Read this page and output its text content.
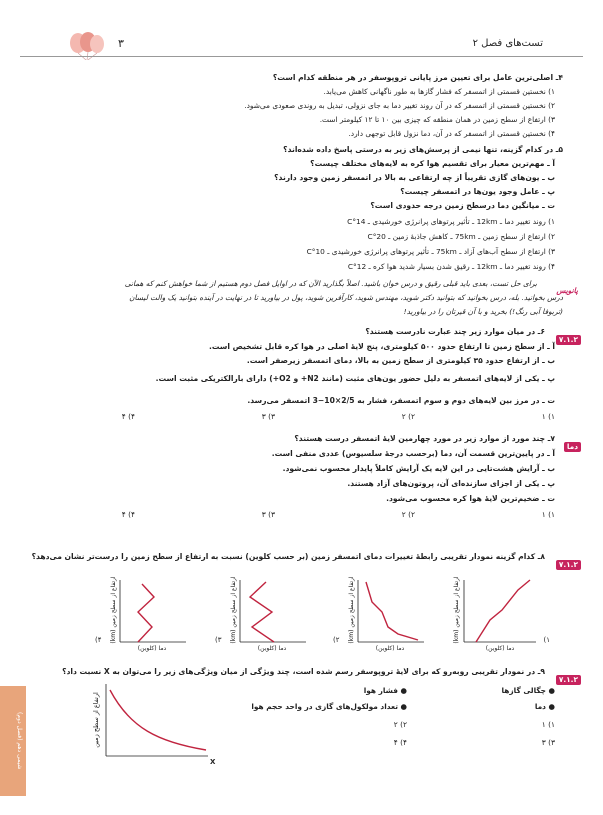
۳	تست‌های فصل ۲
۴ـ اصلی‌ترین عامل برای تعیین مرز پایانی تروپوسفر در هر منطقه کدام است؟
۱) نخستین قسمتی از اتمسفر که فشار گازها به طور ناگهانی کاهش می‌یابد.
۲) نخستین قسمتی از اتمسفر که در آن روند تغییر دما به جای نزولی، تبدیل به روندی صعودی می‌شود.
۳) ارتفاع از سطح زمین در همان منطقه که چیزی بین ۱۰ تا ۱۲ کیلومتر است.
۴) نخستین قسمتی از اتمسفر که در آن، دما نزول قابل توجهی دارد.
۵ـ در کدام گزینه، تنها نیمی از پرسش‌های زیر به درستی پاسخ داده شده‌اند؟
آ ـ مهم‌ترین معیار برای تقسیم هوا کره به لایه‌های مختلف چیست؟
ب ـ یون‌های گازی تقریباً از چه ارتفاعی به بالا در اتمسفر زمین وجود دارند؟
پ ـ عامل وجود یون‌ها در اتمسفر چیست؟
ت ـ میانگین دما درسطح زمین درجه حدودی است؟
۱) روند تغییر دما ـ 12km ـ تأثیر پرتوهای پرانرژی خورشیدی ـ 14°C
۲) ارتفاع از سطح زمین ـ 75km ـ کاهش جاذبهٔ زمین ـ 20°C
۳) ارتفاع از سطح آب‌های آزاد ـ 75km ـ تأثیر پرتوهای پرانرژی خورشیدی ـ 10°C
۴) روند تغییر دما ـ 12km ـ رقیق شدن بسیار شدید هوا کره ـ 12°C
پانویس
برای حل تست، بعدی باید قبلی رقیق و درس خوان باشید. اصلاً بگذارید الآن که در اوایل فصل دوم هستیم از شما خواهش کنم که همانی
درس بخوانید. بله، درس بخوانید که بتوانید دکتر شوید، مهندس شوید، کارآفرین شوید، پول در بیاورید تا در نهایت در آینده بتوانید یک والت لیسان
(تربوفا آبی رنگ!) بخرید و با آن قیرتان را در بیاورید!
۷.۱.۲
۶ـ در میان موارد زیر چند عبارت نادرست هستند؟
آ ـ از سطح زمین تا ارتفاع حدود ۵۰۰ کیلومتری، پنج لایهٔ اصلی در هوا کره قابل تشخیص است.
ب ـ از ارتفاع حدود ۳۵ کیلومتری از سطح زمین به بالا، دمای اتمسفر زیرصفر است.
پ ـ یکی از لایه‌های اتمسفر به دلیل حضور یون‌های مثبت (مانند N2+ و O2+) دارای بارالکتریکی مثبت است.
ت ـ در مرز بین لایه‌های دوم و سوم اتمسفر، فشار به 2/5×10−3 اتمسفر می‌رسد.
۱) ۱
۲) ۲
۳) ۳
۴) ۴
دما
۷ـ چند مورد از موارد زیر در مورد چهارمین لایهٔ اتمسفر درست هستند؟
آ ـ در پایین‌ترین قسمت آن، دما (برحسب درجهٔ سلسیوس) عددی منفی است.
ب ـ آرایش هشت‌تایی در این لایه یک آرایش کاملاً پایدار محسوب نمی‌شود.
پ ـ یکی از اجزای سازنده‌ای آن، پروتون‌های آزاد هستند.
ت ـ ضخیم‌ترین لایهٔ هوا کره محسوب می‌شود.
۱) ۱
۲) ۲
۳) ۳
۴) ۴
۷.۱.۲
۸ـ کدام گزینه نمودار تقریبی رابطهٔ تغییرات دمای اتمسفر زمین (بر حسب کلوین) نسبت به ارتفاع از سطح زمین را درست‌تر نشان می‌دهد؟
(۴ ارتفاع از سطح زمین (km)
دما (کلوین)
(۳ ارتفاع از سطح زمین (km)
دما (کلوین)
(۲ ارتفاع از سطح زمین (km)
دما (کلوین)
(۱
ارتفاع از سطح زمین (km)
دما (کلوین)
۷.۱.۲
۹ـ در نمودار تقریبی روبه‌رو که برای لایهٔ تروپوسفر رسم شده است، چند ویژگی از میان ویژگی‌های زیر را می‌توان به X نسبت داد؟
● چگالی گازها
● فشار هوا
● دما
● تعداد مولکول‌های گازی در واحد حجم هوا
۱) ۱
۲) ۲
۳) ۳
۴) ۴
ارتفاع از سطح زمین
X
شیمی دهم (فصل دوم)
